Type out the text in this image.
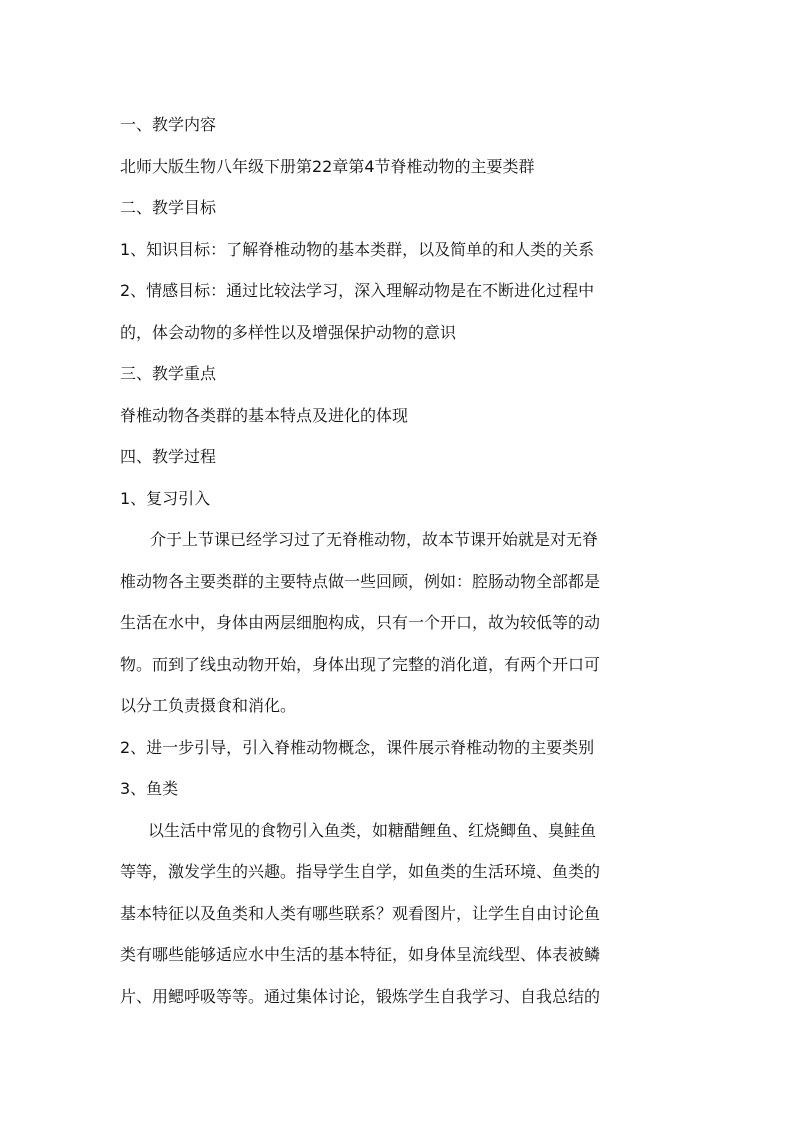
一、教学内容
北师大版生物八年级下册第22章第4节脊椎动物的主要类群
二、教学目标
1、知识目标：了解脊椎动物的基本类群，以及简单的和人类的关系
2、情感目标：通过比较法学习，深入理解动物是在不断进化过程中
的，体会动物的多样性以及增强保护动物的意识
三、教学重点
脊椎动物各类群的基本特点及进化的体现
四、教学过程
1、复习引入
介于上节课已经学习过了无脊椎动物，故本节课开始就是对无脊
椎动物各主要类群的主要特点做一些回顾，例如：腔肠动物全部都是
生活在水中，身体由两层细胞构成，只有一个开口，故为较低等的动
物。而到了线虫动物开始，身体出现了完整的消化道，有两个开口可
以分工负责摄食和消化。
2、进一步引导，引入脊椎动物概念，课件展示脊椎动物的主要类别
3、鱼类
以生活中常见的食物引入鱼类，如糖醋鲤鱼、红烧鲫鱼、臭鲑鱼
等等，激发学生的兴趣。指导学生自学，如鱼类的生活环境、鱼类的
基本特征以及鱼类和人类有哪些联系？观看图片，让学生自由讨论鱼
类有哪些能够适应水中生活的基本特征，如身体呈流线型、体表被鳞
片、用鳃呼吸等等。通过集体讨论，锻炼学生自我学习、自我总结的
